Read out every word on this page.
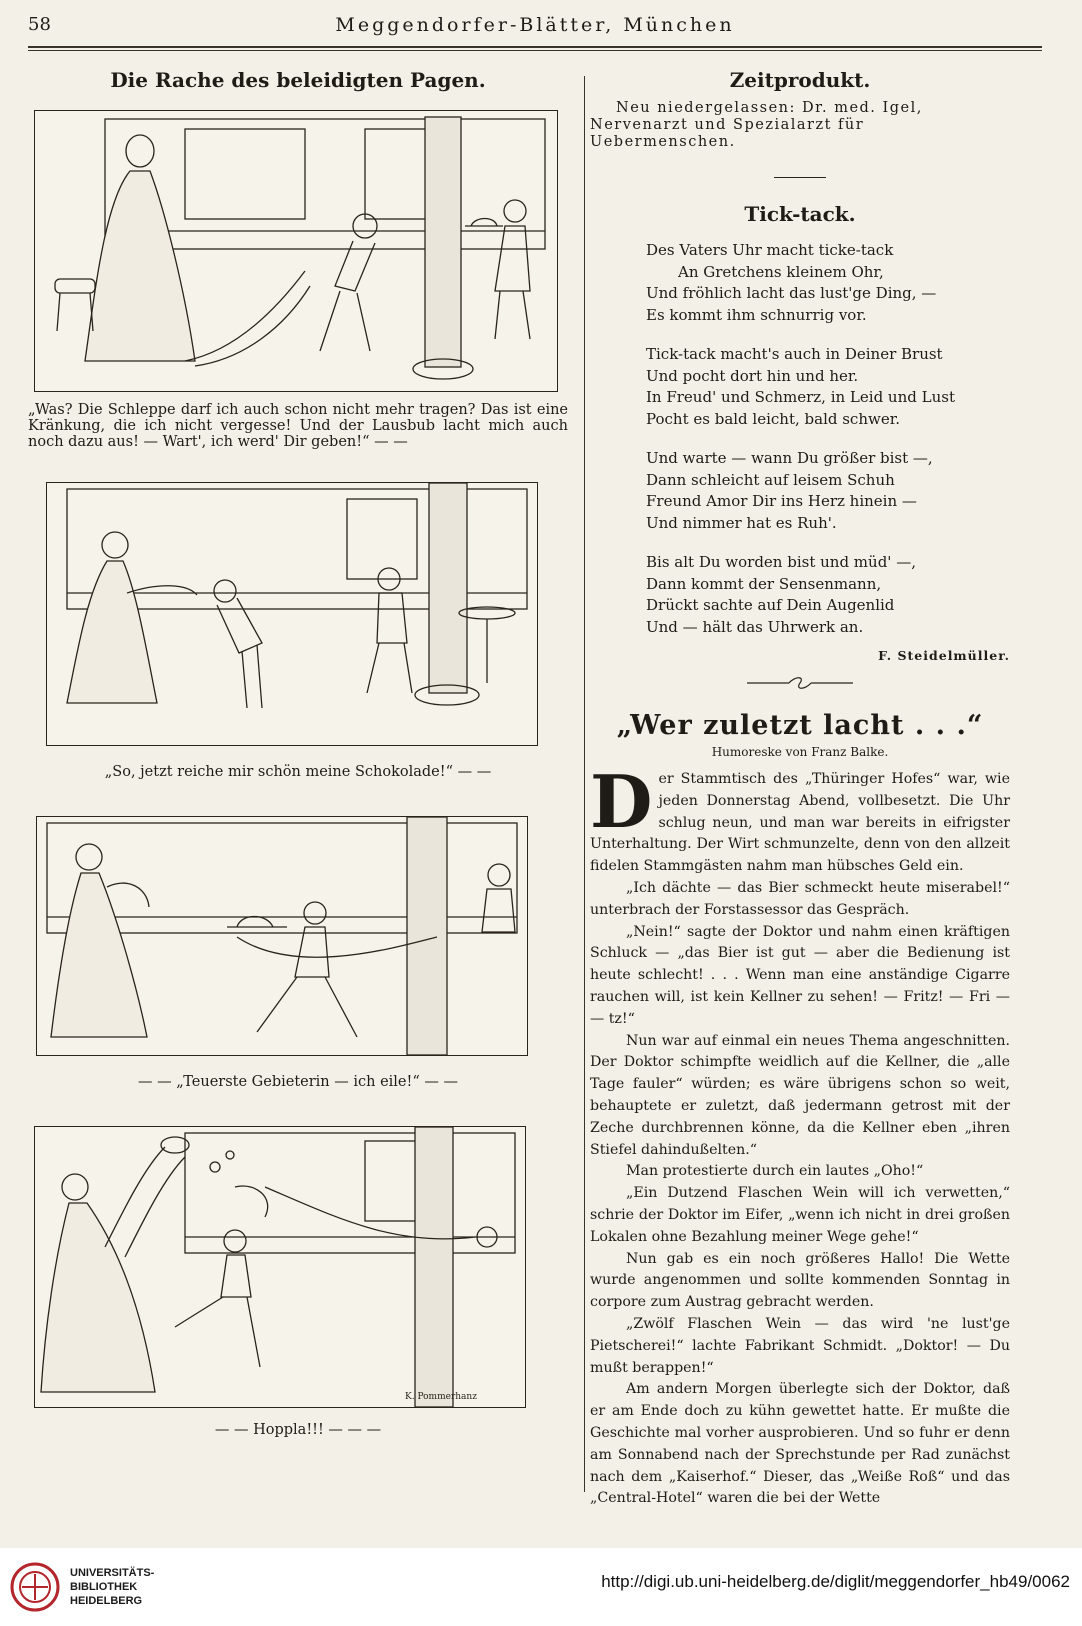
58	Meggendorfer-Blätter, München
Die Rache des beleidigten Pagen.

„Was? Die Schleppe darf ich auch schon nicht mehr tragen? Das ist eine Kränkung, die ich nicht vergesse! Und der Lausbub lacht mich auch noch dazu aus! — Wart', ich werd' Dir geben!“ — —

„So, jetzt reiche mir schön meine Schokolade!“ — —

— — „Teuerste Gebieterin — ich eile!“ — —

K. Pommerhanz

— — Hoppla!!! — — —

Zeitprodukt.

Neu niedergelassen: Dr. med. Igel, Nervenarzt und Spezialarzt für Uebermenschen.

Tick-tack.
Des Vaters Uhr macht ticke-tack
An Gretchens kleinem Ohr,
Und fröhlich lacht das lust'ge Ding, —
Es kommt ihm schnurrig vor.
Tick-tack macht's auch in Deiner Brust
Und pocht dort hin und her.
In Freud' und Schmerz, in Leid und Lust
Pocht es bald leicht, bald schwer.
Und warte — wann Du größer bist —,
Dann schleicht auf leisem Schuh
Freund Amor Dir ins Herz hinein —
Und nimmer hat es Ruh'.
Bis alt Du worden bist und müd' —,
Dann kommt der Sensenmann,
Drückt sachte auf Dein Augenlid
Und — hält das Uhrwerk an.
F. Steidelmüller.
„Wer zuletzt lacht . . .“
Humoreske von Franz Balke.

Der Stammtisch des „Thüringer Hofes“ war, wie jeden Donnerstag Abend, vollbesetzt. Die Uhr schlug neun, und man war bereits in eifrigster Unterhaltung. Der Wirt schmunzelte, denn von den allzeit fidelen Stammgästen nahm man hübsches Geld ein.

„Ich dächte — das Bier schmeckt heute miserabel!“ unterbrach der Forstassessor das Gespräch.

„Nein!“ sagte der Doktor und nahm einen kräftigen Schluck — „das Bier ist gut — aber die Bedienung ist heute schlecht! . . . Wenn man eine anständige Cigarre rauchen will, ist kein Kellner zu sehen! — Fritz! — Fri — — tz!“

Nun war auf einmal ein neues Thema angeschnitten. Der Doktor schimpfte weidlich auf die Kellner, die „alle Tage fauler“ würden; es wäre übrigens schon so weit, behauptete er zuletzt, daß jedermann getrost mit der Zeche durchbrennen könne, da die Kellner eben „ihren Stiefel dahindußelten.“

Man protestierte durch ein lautes „Oho!“

„Ein Dutzend Flaschen Wein will ich verwetten,“ schrie der Doktor im Eifer, „wenn ich nicht in drei großen Lokalen ohne Bezahlung meiner Wege gehe!“

Nun gab es ein noch größeres Hallo! Die Wette wurde angenommen und sollte kommenden Sonntag in corpore zum Austrag gebracht werden.

„Zwölf Flaschen Wein — das wird 'ne lust'ge Pietscherei!“ lachte Fabrikant Schmidt. „Doktor! — Du mußt berappen!“

Am andern Morgen überlegte sich der Doktor, daß er am Ende doch zu kühn gewettet hatte. Er mußte die Geschichte mal vorher ausprobieren. Und so fuhr er denn am Sonnabend nach der Sprechstunde per Rad zunächst nach dem „Kaiserhof.“ Dieser, das „Weiße Roß“ und das „Central-Hotel“ waren die bei der Wette

UNIVERSITÄTS-
BIBLIOTHEK
HEIDELBERG
http://digi.ub.uni-heidelberg.de/diglit/meggendorfer_hb49/0062
